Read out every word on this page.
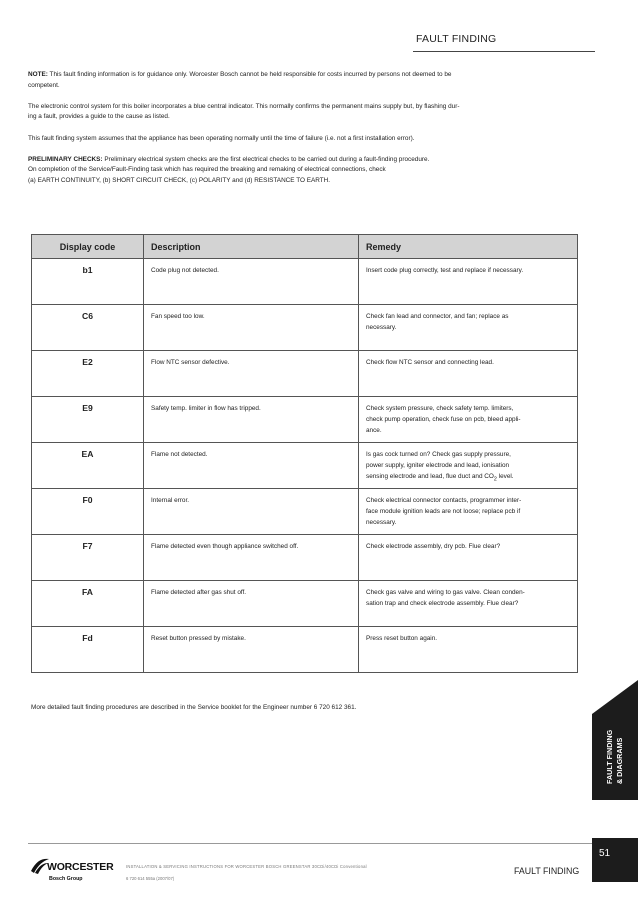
FAULT FINDING

NOTE: This fault finding information is for guidance only. Worcester Bosch cannot be held responsible for costs incurred by persons not deemed to be
competent.

The electronic control system for this boiler incorporates a blue central indicator. This normally confirms the permanent mains supply but, by flashing dur-
ing a fault, provides a guide to the cause as listed.

This fault finding system assumes that the appliance has been operating normally until the time of failure (i.e. not a first installation error).

PRELIMINARY CHECKS: Preliminary electrical system checks are the first electrical checks to be carried out during a fault-finding procedure.
On completion of the Service/Fault-Finding task which has required the breaking and remaking of electrical connections, check
(a) EARTH CONTINUITY, (b) SHORT CIRCUIT CHECK, (c) POLARITY and (d) RESISTANCE TO EARTH.

Display code	Description	Remedy
b1	Code plug not detected.	Insert code plug correctly, test and replace if necessary.
C6	Fan speed too low.	Check fan lead and connector, and fan; replace as
necessary.
E2	Flow NTC sensor defective.	Check flow NTC sensor and connecting lead.
E9	Safety temp. limiter in flow has tripped.	Check system pressure, check safety temp. limiters,
check pump operation, check fuse on pcb, bleed appli-
ance.
EA	Flame not detected.	Is gas cock turned on? Check gas supply pressure,
power supply, igniter electrode and lead, ionisation
sensing electrode and lead, flue duct and $CO_2$ level.
F0	Internal error.	Check electrical connector contacts, programmer inter-
face module ignition leads are not loose; replace pcb if
necessary.
F7	Flame detected even though appliance switched off.	Check electrode assembly, dry pcb. Flue clear?
FA	Flame detected after gas shut off.	Check gas valve and wiring to gas valve. Clean conden-
sation trap and check electrode assembly. Flue clear?
Fd	Reset button pressed by mistake.	Press reset button again.
More detailed fault finding procedures are described in the Service booklet for the Engineer number 6 720 612 361.
FAULT FINDING & DIAGRAMS
WORCESTER
Bosch Group
INSTALLATION & SERVICING INSTRUCTIONS FOR WORCESTER BOSCH GREENSTAR 30CDi/40CDi Conventional
6 720 614 555a (2007/07)
FAULT FINDING
51
